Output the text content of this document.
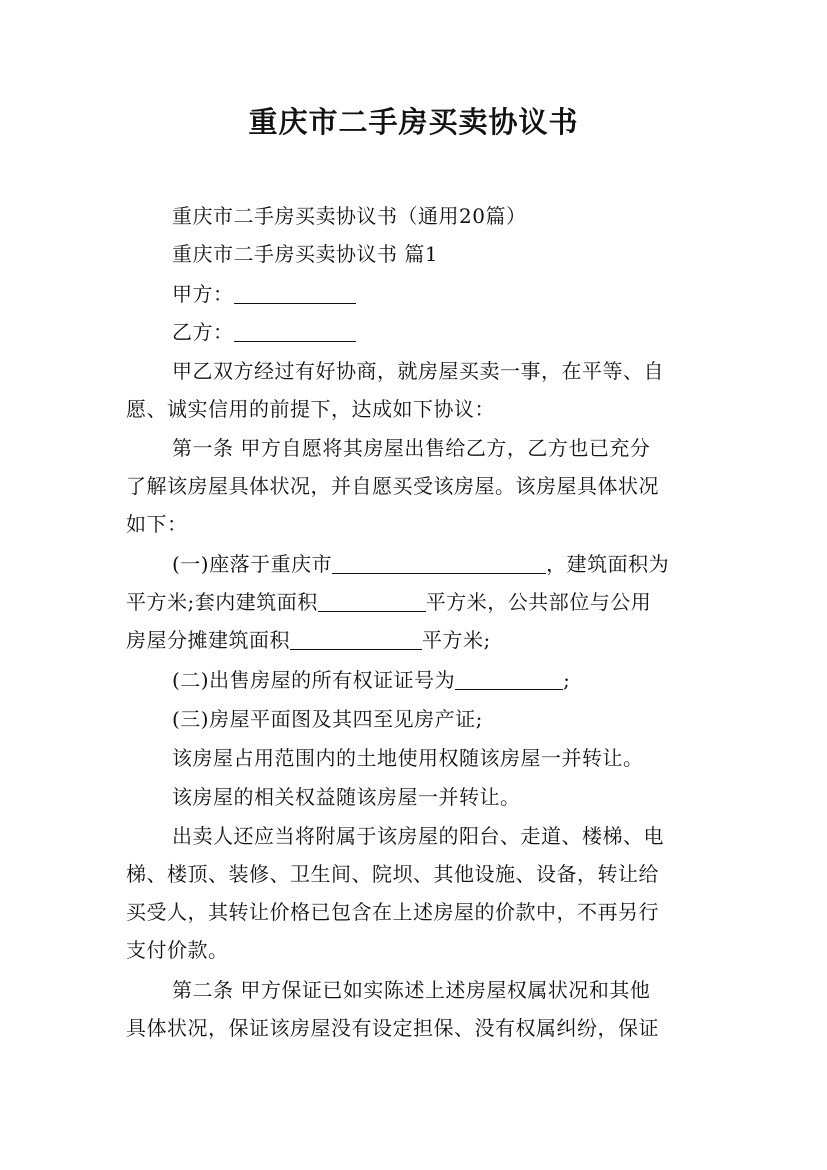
重庆市二手房买卖协议书
重庆市二手房买卖协议书（通用20篇）
重庆市二手房买卖协议书 篇1
甲方：
乙方：
甲乙双方经过有好协商，就房屋买卖一事，在平等、自
愿、诚实信用的前提下，达成如下协议：
第一条 甲方自愿将其房屋出售给乙方，乙方也已充分
了解该房屋具体状况，并自愿买受该房屋。该房屋具体状况
如下：
(一)座落于重庆市	，建筑面积为
平方米;套内建筑面积	平方米，公共部位与公用
房屋分摊建筑面积	平方米;
(二)出售房屋的所有权证证号为	;
(三)房屋平面图及其四至见房产证;
该房屋占用范围内的土地使用权随该房屋一并转让。
该房屋的相关权益随该房屋一并转让。
出卖人还应当将附属于该房屋的阳台、走道、楼梯、电
梯、楼顶、装修、卫生间、院坝、其他设施、设备，转让给
买受人，其转让价格已包含在上述房屋的价款中，不再另行
支付价款。
第二条 甲方保证已如实陈述上述房屋权属状况和其他
具体状况，保证该房屋没有设定担保、没有权属纠纷，保证
